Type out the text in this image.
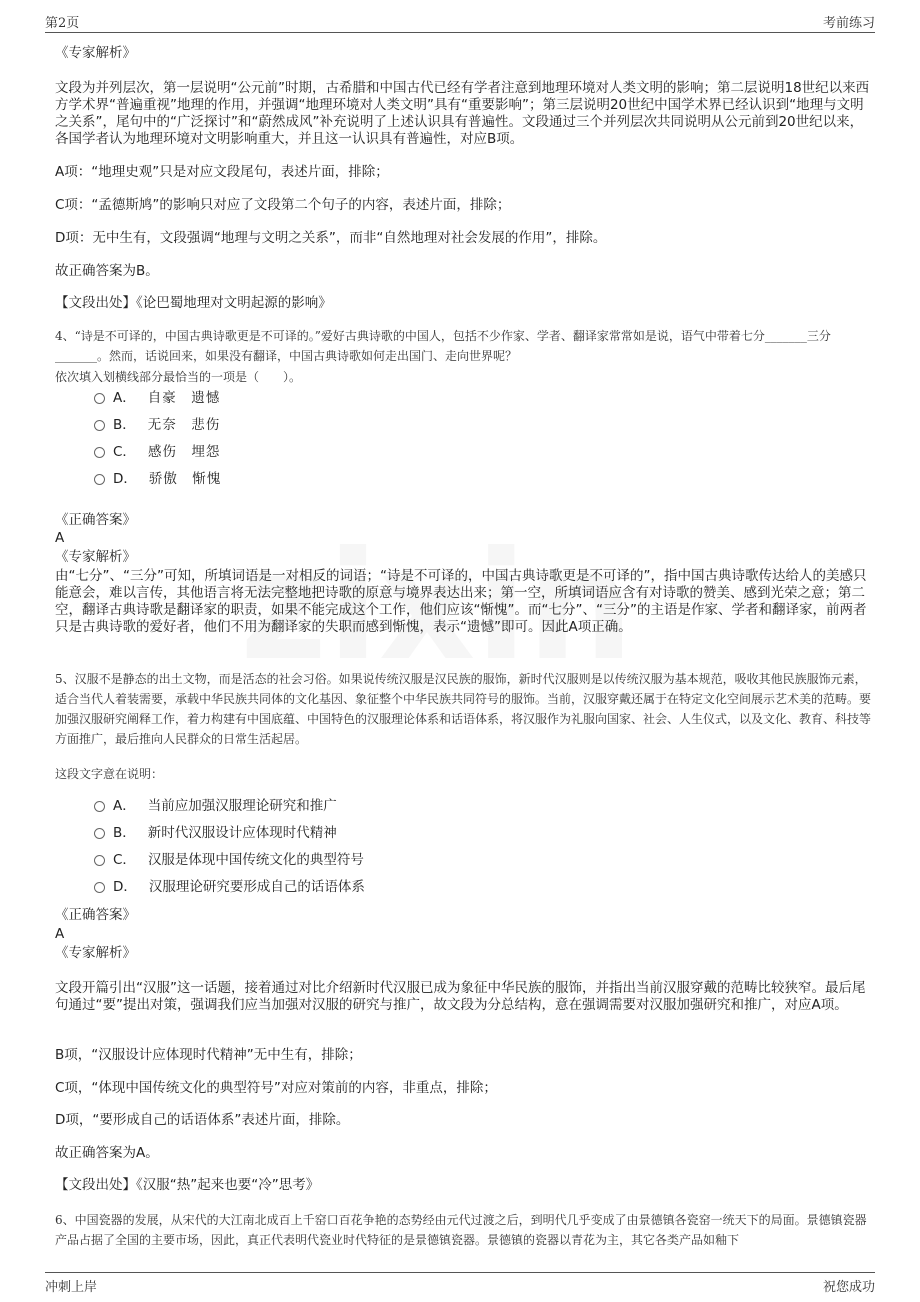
第2页	考前练习

《专家解析》

文段为并列层次，第一层说明“公元前”时期，古希腊和中国古代已经有学者注意到地理环境对人类文明的影响；第二层说明18世纪以来西方学术界“普遍重视”地理的作用，并强调“地理环境对人类文明”具有“重要影响”；第三层说明20世纪中国学术界已经认识到“地理与文明之关系”，尾句中的“广泛探讨”和“蔚然成风”补充说明了上述认识具有普遍性。文段通过三个并列层次共同说明从公元前到20世纪以来，各国学者认为地理环境对文明影响重大，并且这一认识具有普遍性，对应B项。

A项：“地理史观”只是对应文段尾句，表述片面，排除；

C项：“孟德斯鸠”的影响只对应了文段第二个句子的内容，表述片面，排除；

D项：无中生有，文段强调“地理与文明之关系”，而非“自然地理对社会发展的作用”，排除。

故正确答案为B。

【文段出处】《论巴蜀地理对文明起源的影响》

4、“诗是不可译的，中国古典诗歌更是不可译的。”爱好古典诗歌的中国人，包括不少作家、学者、翻译家常常如是说，语气中带着七分_______三分_______。然而，话说回来，如果没有翻译，中国古典诗歌如何走出国门、走向世界呢？

依次填入划横线部分最恰当的一项是（　　）。

A． 自豪　遗憾
B． 无奈　悲伤
C． 感伤　埋怨
D． 骄傲　惭愧

《正确答案》

A

《专家解析》

由“七分”、“三分”可知，所填词语是一对相反的词语；“诗是不可译的，中国古典诗歌更是不可译的”，指中国古典诗歌传达给人的美感只能意会，难以言传，其他语言将无法完整地把诗歌的原意与境界表达出来；第一空，所填词语应含有对诗歌的赞美、感到光荣之意；第二空，翻译古典诗歌是翻译家的职责，如果不能完成这个工作，他们应该“惭愧”。而“七分”、“三分”的主语是作家、学者和翻译家，前两者只是古典诗歌的爱好者，他们不用为翻译家的失职而感到惭愧，表示“遗憾”即可。因此A项正确。

5、汉服不是静态的出土文物，而是活态的社会习俗。如果说传统汉服是汉民族的服饰，新时代汉服则是以传统汉服为基本规范，吸收其他民族服饰元素，适合当代人着装需要，承载中华民族共同体的文化基因、象征整个中华民族共同符号的服饰。当前，汉服穿戴还属于在特定文化空间展示艺术美的范畴。要加强汉服研究阐释工作，着力构建有中国底蕴、中国特色的汉服理论体系和话语体系，将汉服作为礼服向国家、社会、人生仪式，以及文化、教育、科技等方面推广，最后推向人民群众的日常生活起居。

这段文字意在说明：

A． 当前应加强汉服理论研究和推广
B． 新时代汉服设计应体现时代精神
C． 汉服是体现中国传统文化的典型符号
D． 汉服理论研究要形成自己的话语体系

《正确答案》

A

《专家解析》

文段开篇引出“汉服”这一话题，接着通过对比介绍新时代汉服已成为象征中华民族的服饰，并指出当前汉服穿戴的范畴比较狭窄。最后尾句通过“要”提出对策，强调我们应当加强对汉服的研究与推广，故文段为分总结构，意在强调需要对汉服加强研究和推广，对应A项。

B项，“汉服设计应体现时代精神”无中生有，排除；

C项，“体现中国传统文化的典型符号”对应对策前的内容，非重点，排除；

D项，“要形成自己的话语体系”表述片面，排除。

故正确答案为A。

【文段出处】《汉服“热”起来也要“冷”思考》

6、中国瓷器的发展，从宋代的大江南北成百上千窑口百花争艳的态势经由元代过渡之后，到明代几乎变成了由景德镇各瓷窑一统天下的局面。景德镇瓷器产品占据了全国的主要市场，因此，真正代表明代瓷业时代特征的是景德镇瓷器。景德镇的瓷器以青花为主，其它各类产品如釉下

冲刺上岸	祝您成功
